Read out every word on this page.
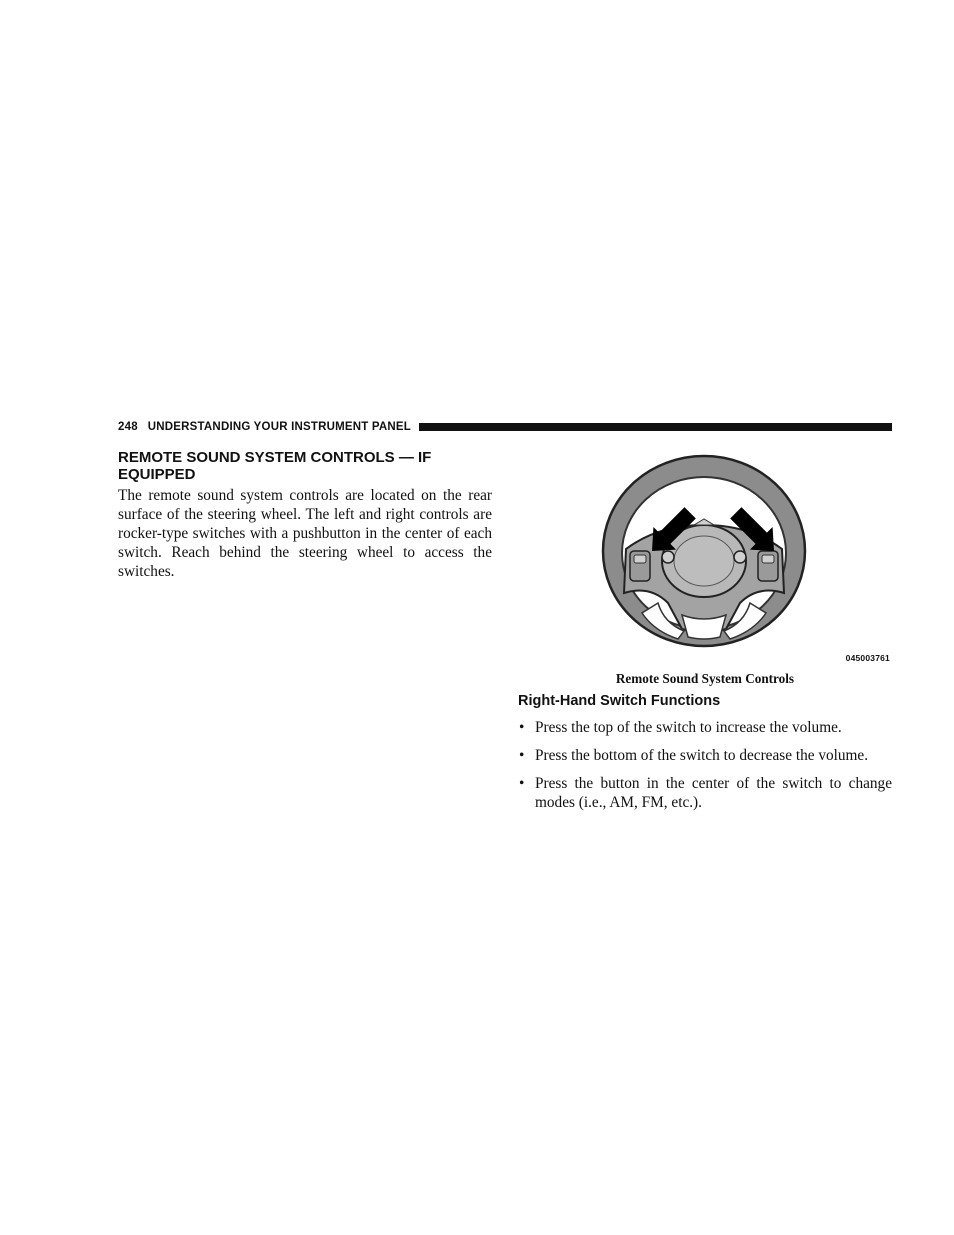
248 UNDERSTANDING YOUR INSTRUMENT PANEL
REMOTE SOUND SYSTEM CONTROLS — IF EQUIPPED

The remote sound system controls are located on the rear surface of the steering wheel. The left and right controls are rocker-type switches with a pushbutton in the center of each switch. Reach behind the steering wheel to access the switches.

045003761
Remote Sound System Controls
Right-Hand Switch Functions
• Press the top of the switch to increase the volume.
• Press the bottom of the switch to decrease the volume.
• Press the button in the center of the switch to change modes (i.e., AM, FM, etc.).
